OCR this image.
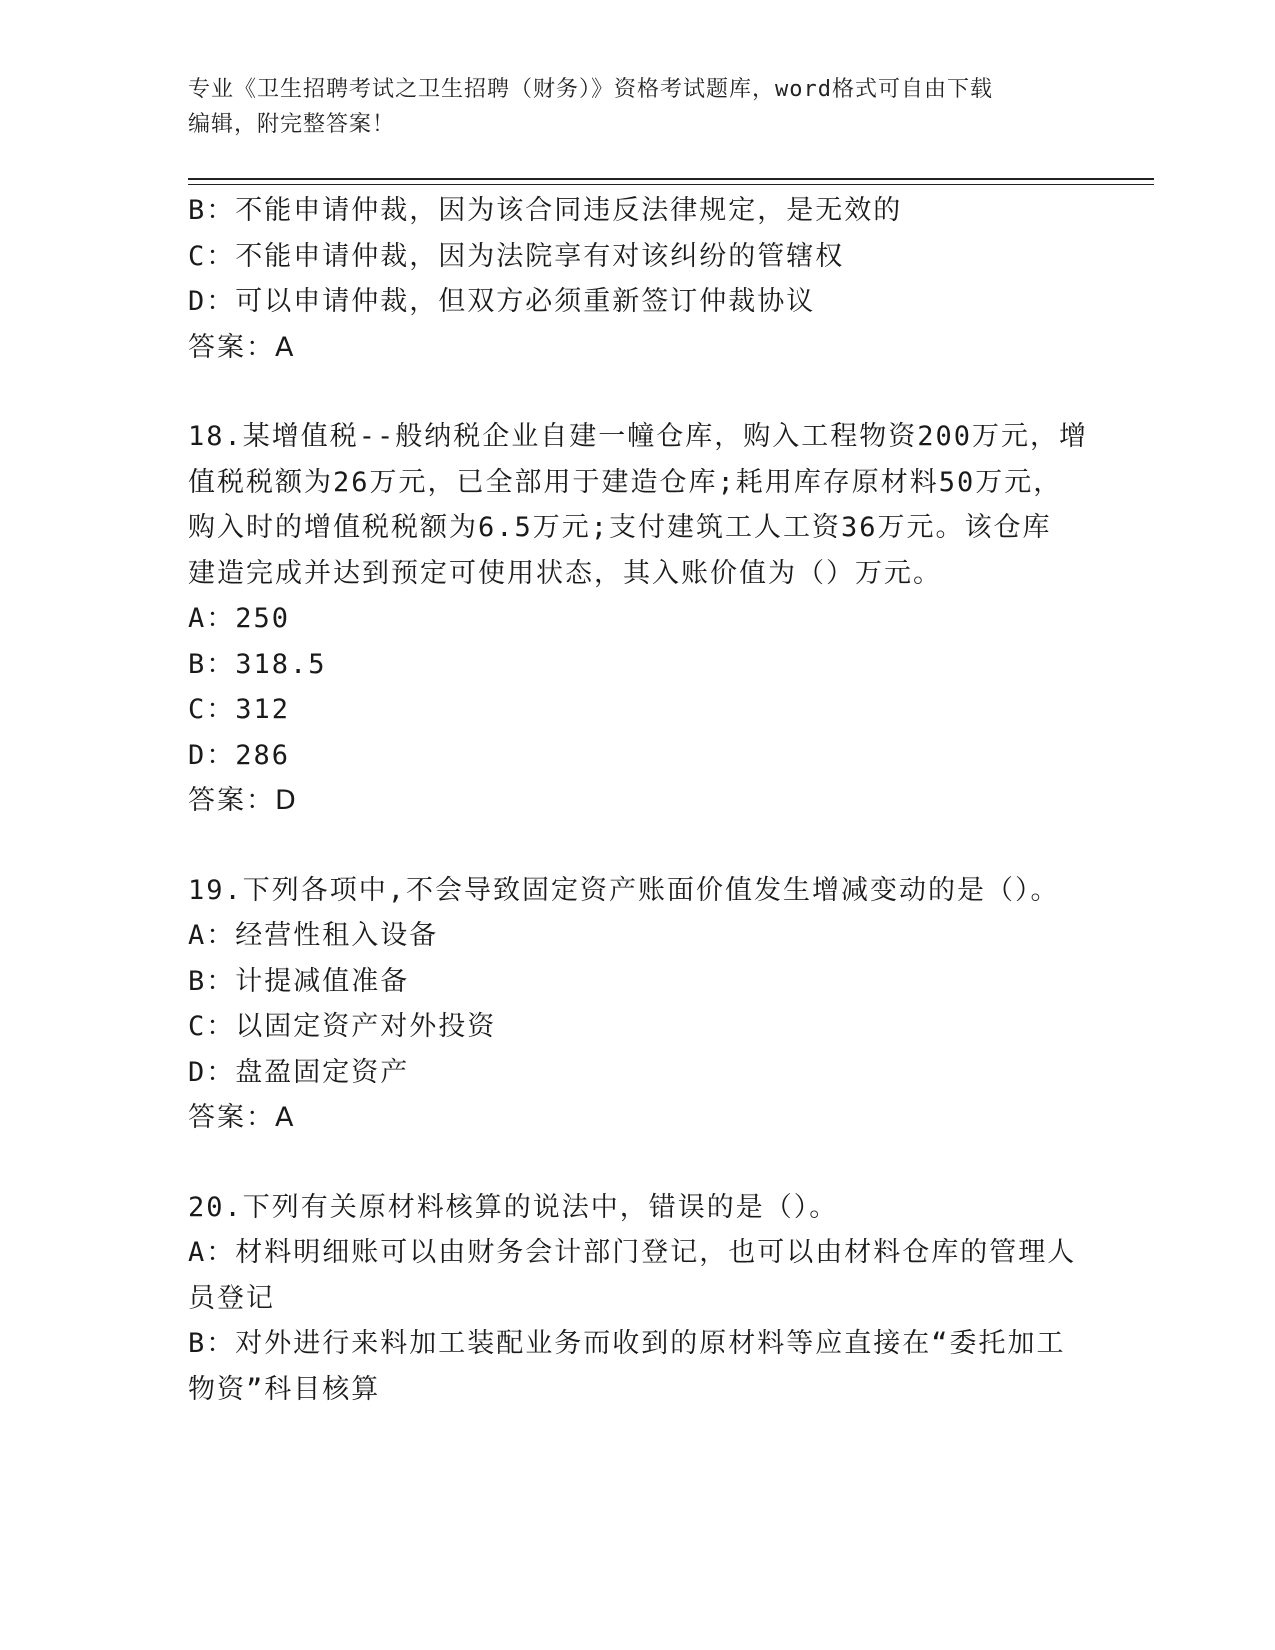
专业《卫生招聘考试之卫生招聘（财务）》资格考试题库，word格式可自由下载
编辑，附完整答案！
B：不能申请仲裁，因为该合同违反法律规定，是无效的
C：不能申请仲裁，因为法院享有对该纠纷的管辖权
D：可以申请仲裁，但双方必须重新签订仲裁协议
答案：A
18.某增值税--般纳税企业自建一幢仓库，购入工程物资200万元，增
值税税额为26万元，已全部用于建造仓库;耗用库存原材料50万元，
购入时的增值税税额为6.5万元;支付建筑工人工资36万元。该仓库
建造完成并达到预定可使用状态，其入账价值为（）万元。
A：250
B：318.5
C：312
D：286
答案：D
19.下列各项中,不会导致固定资产账面价值发生增减变动的是（）。
A：经营性租入设备
B：计提减值准备
C：以固定资产对外投资
D：盘盈固定资产
答案：A
20.下列有关原材料核算的说法中，错误的是（）。
A：材料明细账可以由财务会计部门登记，也可以由材料仓库的管理人
员登记
B：对外进行来料加工装配业务而收到的原材料等应直接在“委托加工
物资”科目核算
